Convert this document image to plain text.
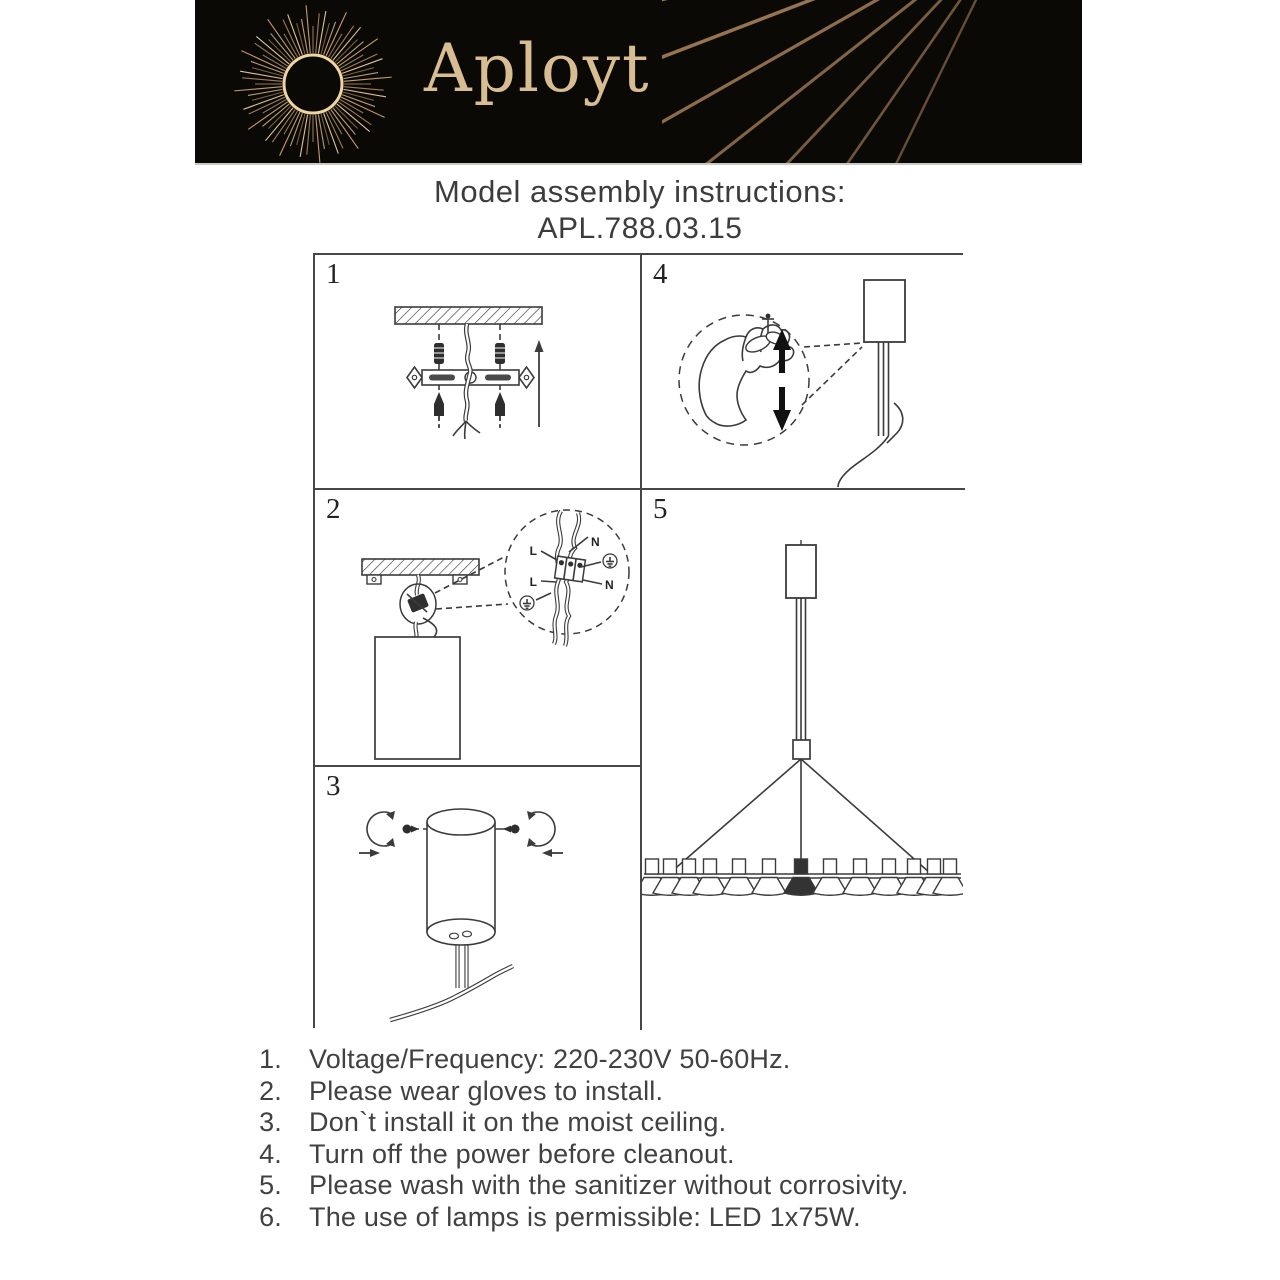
Aployt
Model assembly instructions:
APL.788.03.15
1
2
N
L
L	N
3
4
5
1. Voltage/Frequency: 220-230V 50-60Hz.
2. Please wear gloves to install.
3. Don`t install it on the moist ceiling.
4. Turn off the power before cleanout.
5. Please wash with the sanitizer without corrosivity.
6. The use of lamps is permissible: LED 1x75W.
